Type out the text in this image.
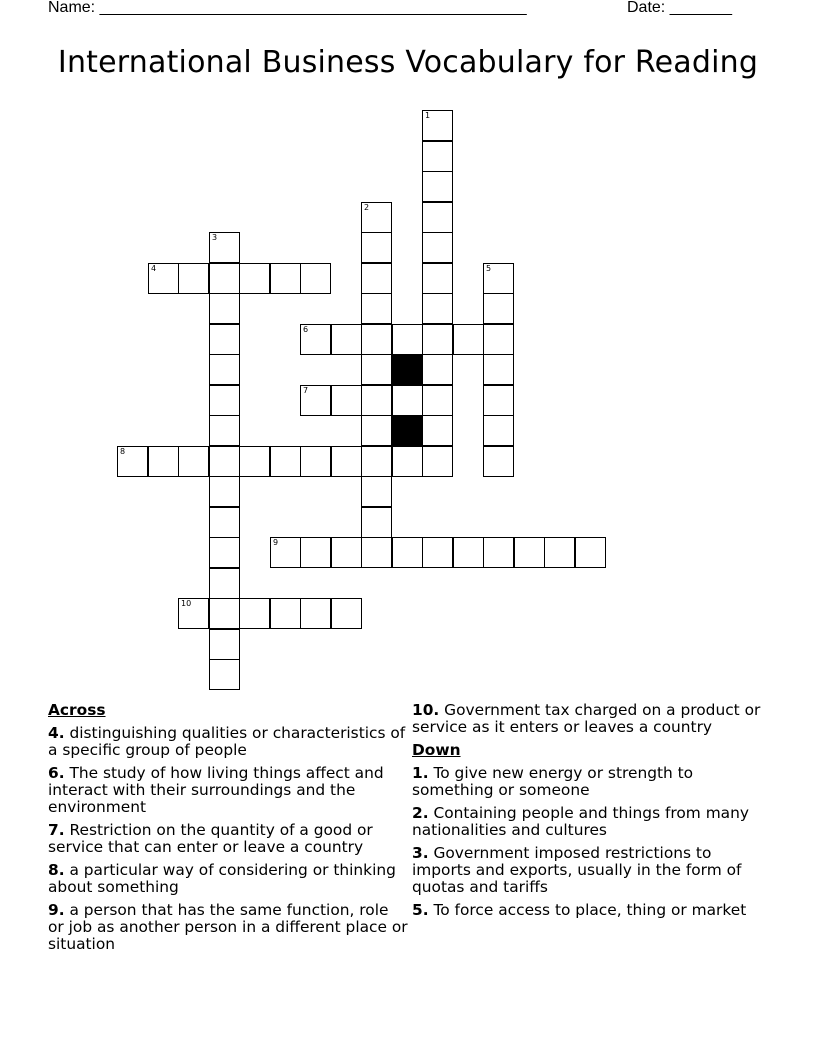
Name: ________________________________________________	Date: _______
International Business Vocabulary for Reading
4
6
7
8
9
10
1
2
3
5
Across
4. distinguishing qualities or characteristics of a specific group of people
6. The study of how living things affect and interact with their surroundings and the environment
7. Restriction on the quantity of a good or service that can enter or leave a country
8. a particular way of considering or thinking about something
9. a person that has the same function, role or job as another person in a different place or situation
10. Government tax charged on a product or service as it enters or leaves a country
Down
1. To give new energy or strength to something or someone
2. Containing people and things from many nationalities and cultures
3. Government imposed restrictions to imports and exports, usually in the form of quotas and tariffs
5. To force access to place, thing or market
